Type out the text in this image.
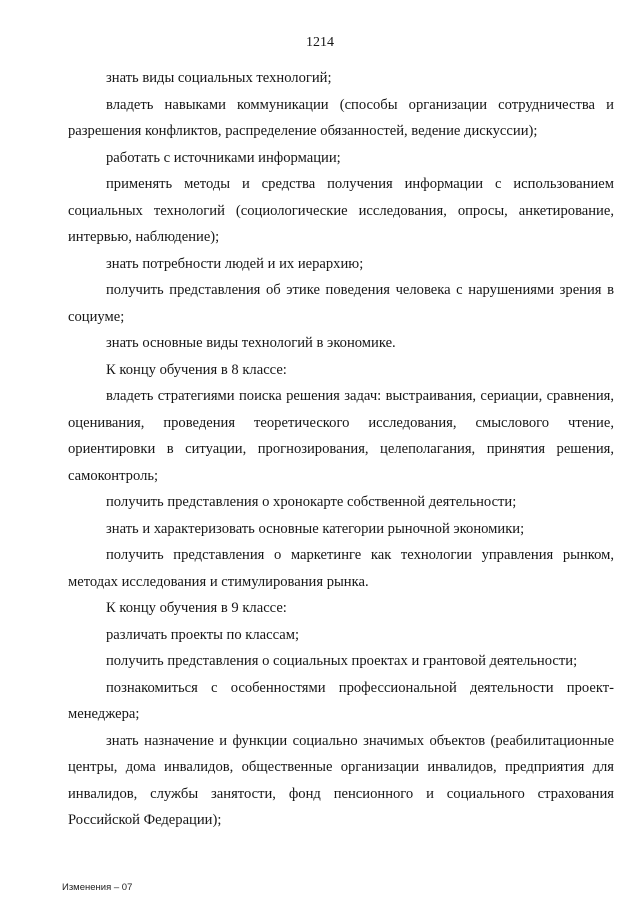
1214

знать виды социальных технологий;

владеть навыками коммуникации (способы организации сотрудничества и разрешения конфликтов, распределение обязанностей, ведение дискуссии);

работать с источниками информации;

применять методы и средства получения информации с использованием социальных технологий (социологические исследования, опросы, анкетирование, интервью, наблюдение);

знать потребности людей и их иерархию;

получить представления об этике поведения человека с нарушениями зрения в социуме;

знать основные виды технологий в экономике.

К концу обучения в 8 классе:

владеть стратегиями поиска решения задач: выстраивания, сериации, сравнения, оценивания, проведения теоретического исследования, смыслового чтение, ориентировки в ситуации, прогнозирования, целеполагания, принятия решения, самоконтроль;

получить представления о хронокарте собственной деятельности;

знать и характеризовать основные категории рыночной экономики;

получить представления о маркетинге как технологии управления рынком, методах исследования и стимулирования рынка.

К концу обучения в 9 классе:

различать проекты по классам;

получить представления о социальных проектах и грантовой деятельности;

познакомиться с особенностями профессиональной деятельности проект-менеджера;

знать назначение и функции социально значимых объектов (реабилитационные центры, дома инвалидов, общественные организации инвалидов, предприятия для инвалидов, службы занятости, фонд пенсионного и социального страхования Российской Федерации);

Изменения – 07
